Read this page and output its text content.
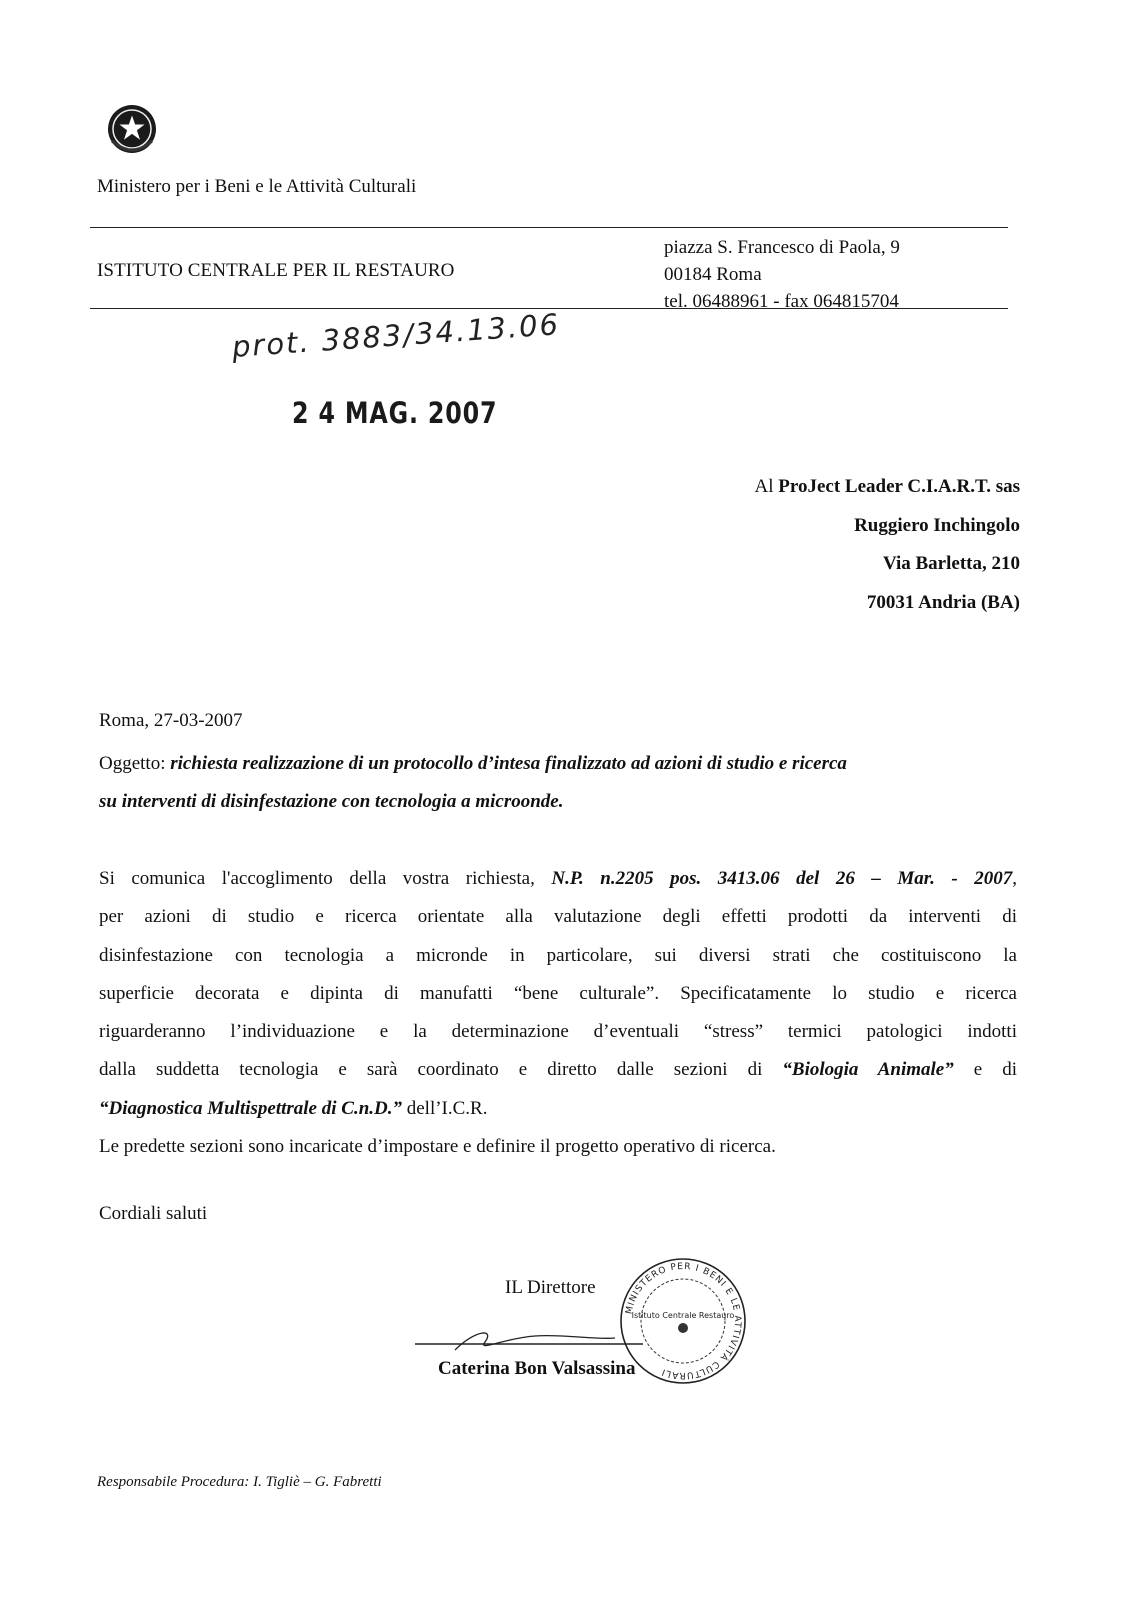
Ministero per i Beni e le Attività Culturali
ISTITUTO CENTRALE PER IL RESTAURO
piazza S. Francesco di Paola, 9
00184 Roma
tel. 06488961 - fax 064815704
prot. 3883/34.13.06
2 4 MAG. 2007
Al ProJect Leader C.I.A.R.T. sas
Ruggiero Inchingolo
Via Barletta, 210
70031 Andria (BA)
Roma, 27-03-2007
Oggetto: richiesta realizzazione di un protocollo d’intesa finalizzato ad azioni di studio e ricerca
su interventi di disinfestazione con tecnologia a microonde.
Si comunica l'accoglimento della vostra richiesta, N.P. n.2205 pos. 3413.06 del 26 – Mar. - 2007,
per azioni di studio e ricerca orientate alla valutazione degli effetti prodotti da interventi di
disinfestazione con tecnologia a micronde in particolare, sui diversi strati che costituiscono la
superficie decorata e dipinta di manufatti “bene culturale”. Specificatamente lo studio e ricerca
riguarderanno l’individuazione e la determinazione d’eventuali “stress” termici patologici indotti
dalla suddetta tecnologia e sarà coordinato e diretto dalle sezioni di “Biologia Animale” e di
“Diagnostica Multispettrale di C.n.D.” dell’I.C.R.
Le predette sezioni sono incaricate d’impostare e definire il progetto operativo di ricerca.
Cordiali saluti
IL Direttore
Caterina Bon Valsassina
MINISTERO PER I BENI E LE ATTIVITÀ CULTURALI
Istituto Centrale Restauro
Responsabile Procedura: I. Tigliè – G. Fabretti
